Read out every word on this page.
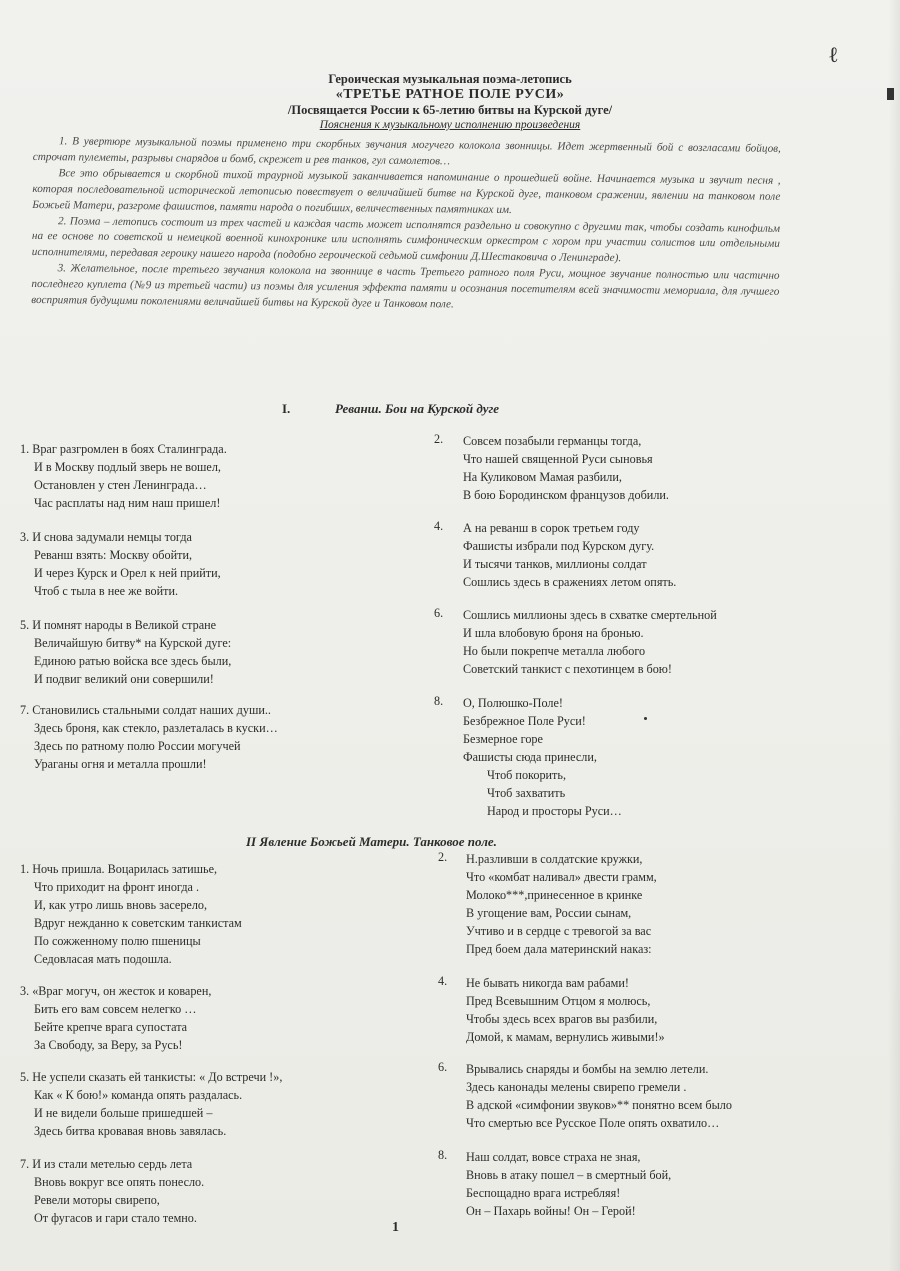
ℓ
Героическая музыкальная поэма-летопись
«ТРЕТЬЕ РАТНОЕ ПОЛЕ РУСИ»
/Посвящается России к 65-летию битвы на Курской дуге/
Пояснения к музыкальному исполнению произведения

1. В увертюре музыкальной поэмы применено три скорбных звучания могучего колокола звонницы. Идет жертвенный бой с возгласами бойцов, строчат пулеметы, разрывы снарядов и бомб, скрежет и рев танков, гул самолетов…

Все это обрывается и скорбной тихой траурной музыкой заканчивается напоминание о прошедшей войне. Начинается музыка и звучит песня , которая последовательной исторической летописью повествует о величайшей битве на Курской дуге, танковом сражении, явлении на танковом поле Божьей Матери, разгроме фашистов, памяти народа о погибших, величественных памятниках им.

2. Поэма – летопись состоит из трех частей и каждая часть может исполнятся раздельно и совокупно с другими так, чтобы создать кинофильм на ее основе по советской и немецкой военной кинохронике или исполнять симфоническим оркестром с хором при участии солистов или отдельными исполнителями, передавая героику нашего народа (подобно героической седьмой симфонии Д.Шестаковича о Ленинграде).

3. Желательное, после третьего звучания колокола на звоннице в часть Третьего ратного поля Руси, мощное звучание полностью или частично последнего куплета (№9 из третьей части) из поэмы для усиления эффекта памяти и осознания посетителям всей значимости мемориала, для лучшего восприятия будущими поколениями величайшей битвы на Курской дуге и Танковом поле.

I.	Реванш. Бои на Курской дуге
1. Враг разгромлен в боях Сталинграда.
И в Москву подлый зверь не вошел,
Остановлен у стен Ленинграда…
Час расплаты над ним наш пришел!
3. И снова задумали немцы тогда
Реванш взять: Москву обойти,
И через Курск и Орел к ней прийти,
Чтоб с тыла в нее же войти.
5. И помнят народы в Великой стране
Величайшую битву* на Курской дуге:
Единою ратью войска все здесь были,
И подвиг великий они совершили!
7. Становились стальными солдат наших души..
Здесь броня, как стекло, разлеталась в куски…
Здесь по ратному полю России могучей
Ураганы огня и металла прошли!
2. Совсем позабыли германцы тогда,
Что нашей священной Руси сыновья
На Куликовом Мамая разбили,
В бою Бородинском французов добили.
4. А на реванш в сорок третьем году
Фашисты избрали под Курском дугу.
И тысячи танков, миллионы солдат
Сошлись здесь в сражениях летом опять.
6. Сошлись миллионы здесь в схватке смертельной
И шла влобовую броня на бронью.
Но были покрепче металла любого
Советский танкист с пехотинцем в бою!
8. О, Полюшко-Поле!
Безбрежное Поле Руси!
Безмерное горе
Фашисты сюда принесли,
Чтоб покорить,
Чтоб захватить
Народ и просторы Руси…
II Явление Божьей Матери. Танковое поле.
1. Ночь пришла. Воцарилась затишье,
Что приходит на фронт иногда .
И, как утро лишь вновь засерело,
Вдруг нежданно к советским танкистам
По сожженному полю пшеницы
Седовласая мать подошла.
3. «Враг могуч, он жесток и коварен,
Бить его вам совсем нелегко …
Бейте крепче врага супостата
За Свободу, за Веру, за Русь!
5. Не успели сказать ей танкисты: « До встречи !»,
Как « К бою!» команда опять раздалась.
И не видели больше пришедшей –
Здесь битва кровавая вновь завялась.
7. И из стали метелью сердь лета
Вновь вокруг все опять понесло.
Ревели моторы свирепо,
От фугасов и гари стало темно.
2. Н.разливши в солдатские кружки,
Что «комбат наливал» двести грамм,
Молоко***,принесенное в кринке
В угощение вам, России сынам,
Учтиво и в сердце с тревогой за вас
Пред боем дала материнский наказ:
4. Не бывать никогда вам рабами!
Пред Всевышним Отцом я молюсь,
Чтобы здесь всех врагов вы разбили,
Домой, к мамам, вернулись живыми!»
6. Врывались снаряды и бомбы на землю летели.
Здесь канонады мелены свирепо гремели .
В адской «симфонии звуков»** понятно всем было
Что смертью все Русское Поле опять охватило…
8. Наш солдат, вовсе страха не зная,
Вновь в атаку пошел – в смертный бой,
Беспощадно врага истребляя!
Он – Пахарь войны! Он – Герой!
1
